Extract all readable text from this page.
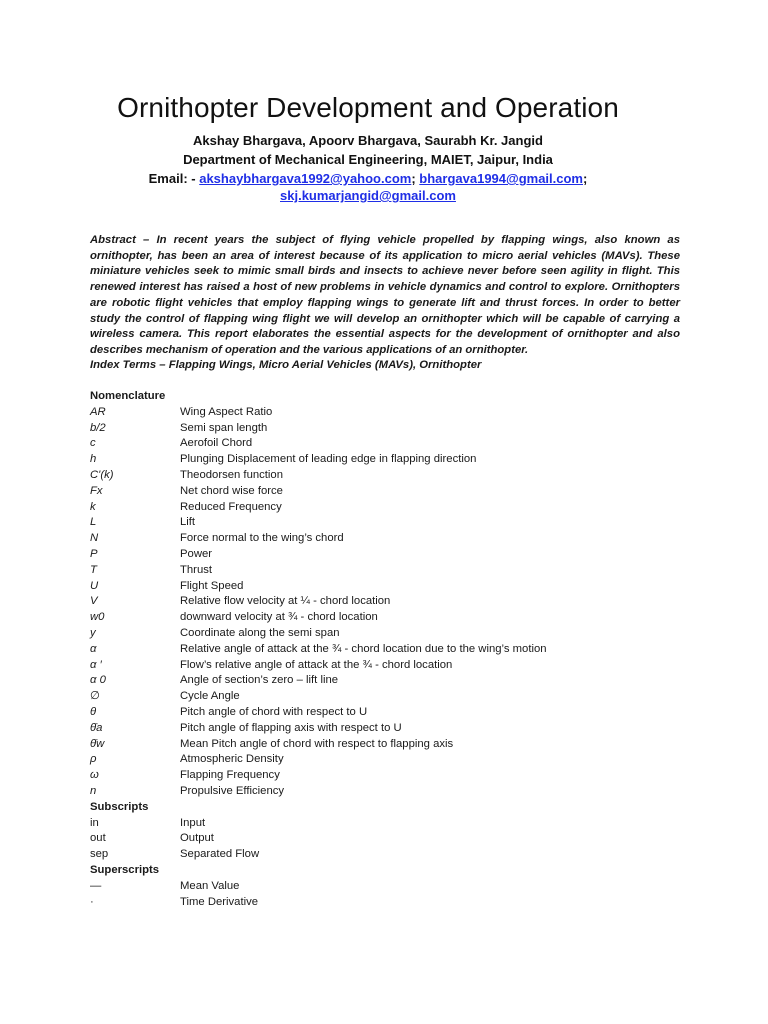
Ornithopter Development and Operation
Akshay Bhargava, Apoorv Bhargava, Saurabh Kr. Jangid
Department of Mechanical Engineering, MAIET, Jaipur, India
Email: - akshaybhargava1992@yahoo.com; bhargava1994@gmail.com;
skj.kumarjangid@gmail.com

Abstract – In recent years the subject of flying vehicle propelled by flapping wings, also known as ornithopter, has been an area of interest because of its application to micro aerial vehicles (MAVs). These miniature vehicles seek to mimic small birds and insects to achieve never before seen agility in flight. This renewed interest has raised a host of new problems in vehicle dynamics and control to explore. Ornithopters are robotic flight vehicles that employ flapping wings to generate lift and thrust forces. In order to better study the control of flapping wing flight we will develop an ornithopter which will be capable of carrying a wireless camera. This report elaborates the essential aspects for the development of ornithopter and also describes mechanism of operation and the various applications of an ornithopter.

Index Terms – Flapping Wings, Micro Aerial Vehicles (MAVs), Ornithopter

Nomenclature
AR	Wing Aspect Ratio
b/2	Semi span length
c	Aerofoil Chord
h	Plunging Displacement of leading edge in flapping direction
C'(k)	Theodorsen function
Fx	Net chord wise force
k	Reduced Frequency
L	Lift
N	Force normal to the wing’s chord
P	Power
T	Thrust
U	Flight Speed
V	Relative flow velocity at ¼ - chord location
w0	downward velocity at ¾ - chord location
y	Coordinate along the semi span
α	Relative angle of attack at the ¾ - chord location due to the wing’s motion
α ′	Flow’s relative angle of attack at the ¾ - chord location
α 0	Angle of section’s zero – lift line
∅	Cycle Angle
θ	Pitch angle of chord with respect to U
θ̄a	Pitch angle of flapping axis with respect to U
θ̄w	Mean Pitch angle of chord with respect to flapping axis
ρ	Atmospheric Density
ω	Flapping Frequency
n	Propulsive Efficiency
Subscripts
in	Input
out	Output
sep	Separated Flow
Superscripts
—	Mean Value
·	Time Derivative
